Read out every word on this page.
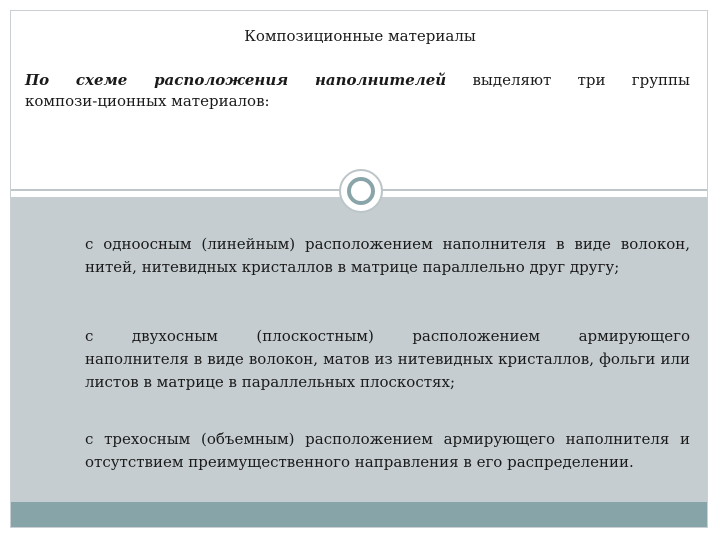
Композиционные материалы
По схеме расположения наполнителей выделяют три группы
компози-ционных материалов:
с одноосным (линейным) расположением наполнителя в виде волокон, нитей, нитевидных кристаллов в матрице параллельно друг другу;
с двухосным (плоскостным) расположением армирующего
наполнителя в виде волокон, матов из нитевидных кристаллов, фольги или листов в матрице в параллельных плоскостях;
с трехосным (объемным) расположением армирующего наполнителя и отсутствием преимущественного направления в его распределении.
